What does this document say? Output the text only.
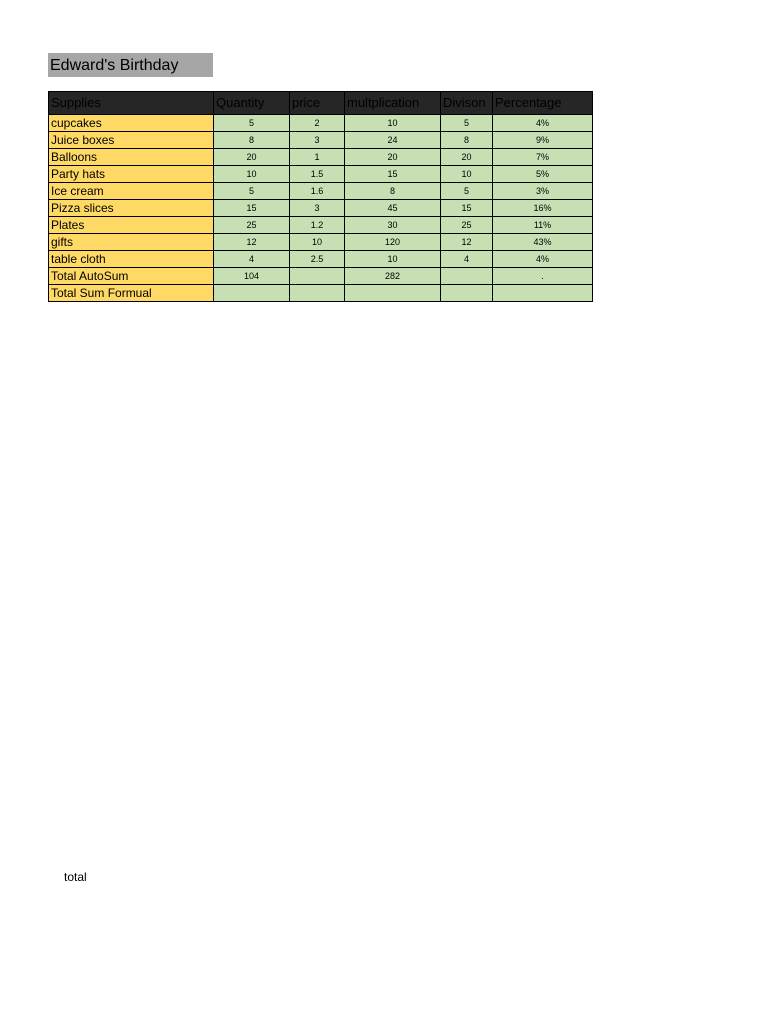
Edward's Birthday
Supplies	Quantity	price	multplication	Divison	Percentage
cupcakes	5	2	10	5	4%
Juice boxes	8	3	24	8	9%
Balloons	20	1	20	20	7%
Party hats	10	1.5	15	10	5%
Ice cream	5	1.6	8	5	3%
Pizza slices	15	3	45	15	16%
Plates	25	1.2	30	25	11%
gifts	12	10	120	12	43%
table cloth	4	2.5	10	4	4%
Total AutoSum	104		282		.
Total Sum Formual					
total
